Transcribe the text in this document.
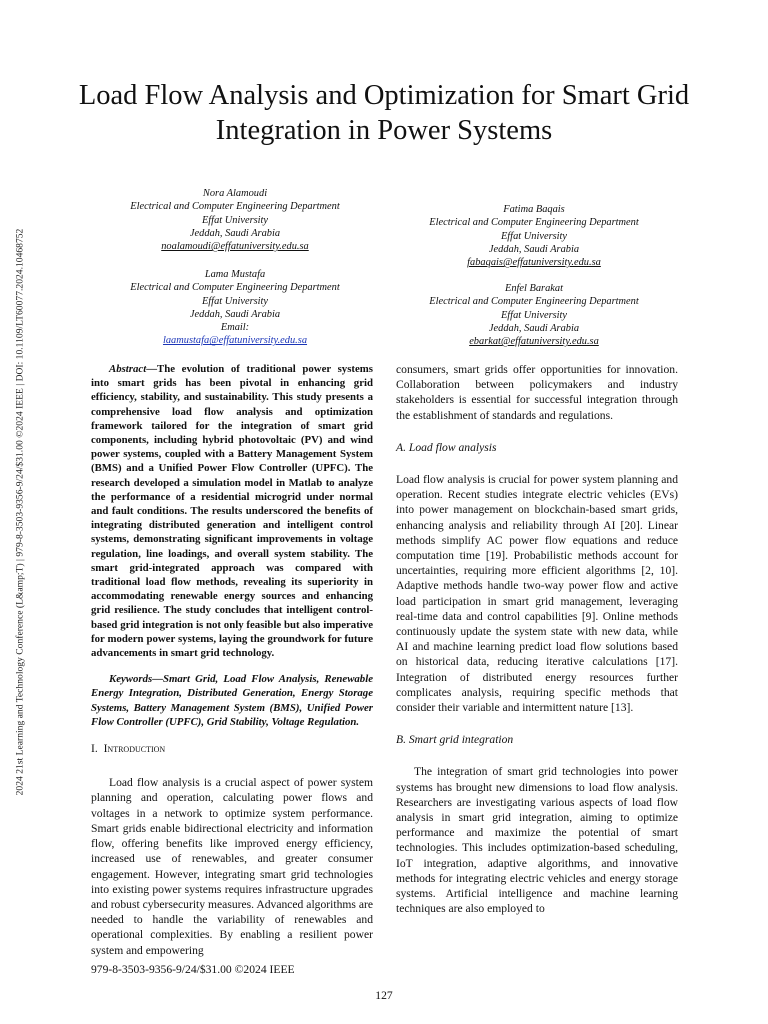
2024 21st Learning and Technology Conference (L&amp;T) | 979-8-3503-9356-9/24/$31.00 ©2024 IEEE | DOI: 10.1109/LT60077.2024.10468752
Load Flow Analysis and Optimization for Smart Grid Integration in Power Systems
Nora Alamoudi
Electrical and Computer Engineering Department
Effat University
Jeddah, Saudi Arabia
noalamoudi@effatuniversity.edu.sa
Fatima Baqais
Electrical and Computer Engineering Department
Effat University
Jeddah, Saudi Arabia
fabaqais@effatuniversity.edu.sa
Lama Mustafa
Electrical and Computer Engineering Department
Effat University
Jeddah, Saudi Arabia
Email:
laamustafa@effatuniversity.edu.sa
Enfel Barakat
Electrical and Computer Engineering Department
Effat University
Jeddah, Saudi Arabia
ebarkat@effatuniversity.edu.sa

Abstract—The evolution of traditional power systems into smart grids has been pivotal in enhancing grid efficiency, stability, and sustainability. This study presents a comprehensive load flow analysis and optimization framework tailored for the integration of smart grid components, including hybrid photovoltaic (PV) and wind power systems, coupled with a Battery Management System (BMS) and a Unified Power Flow Controller (UPFC). The research developed a simulation model in Matlab to analyze the performance of a residential microgrid under normal and fault conditions. The results underscored the benefits of integrating distributed generation and intelligent control systems, demonstrating significant improvements in voltage regulation, line loadings, and overall system stability. The smart grid-integrated approach was compared with traditional load flow methods, revealing its superiority in accommodating renewable energy sources and enhancing grid resilience. The study concludes that intelligent control-based grid integration is not only feasible but also imperative for modern power systems, laying the groundwork for future advancements in smart grid technology.

Keywords—Smart Grid, Load Flow Analysis, Renewable Energy Integration, Distributed Generation, Energy Storage Systems, Battery Management System (BMS), Unified Power Flow Controller (UPFC), Grid Stability, Voltage Regulation.

I. Introduction

Load flow analysis is a crucial aspect of power system planning and operation, calculating power flows and voltages in a network to optimize system performance. Smart grids enable bidirectional electricity and information flow, offering benefits like improved energy efficiency, increased use of renewables, and greater consumer engagement. However, integrating smart grid technologies into existing power systems requires infrastructure upgrades and robust cybersecurity measures. Advanced algorithms are needed to handle the variability of renewables and operational complexities. By enabling a resilient power system and empowering

consumers, smart grids offer opportunities for innovation. Collaboration between policymakers and industry stakeholders is essential for successful integration through the establishment of standards and regulations.

A. Load flow analysis

Load flow analysis is crucial for power system planning and operation. Recent studies integrate electric vehicles (EVs) into power management on blockchain-based smart grids, enhancing analysis and reliability through AI [20]. Linear methods simplify AC power flow equations and reduce computation time [19]. Probabilistic methods account for uncertainties, requiring more efficient algorithms [2, 10]. Adaptive methods handle two-way power flow and active load participation in smart grid management, leveraging real-time data and control capabilities [9]. Online methods continuously update the system state with new data, while AI and machine learning predict load flow solutions based on historical data, reducing iterative calculations [17]. Integration of distributed energy resources further complicates analysis, requiring specific methods that consider their variable and intermittent nature [13].

B. Smart grid integration

The integration of smart grid technologies into power systems has brought new dimensions to load flow analysis. Researchers are investigating various aspects of load flow analysis in smart grid integration, aiming to optimize performance and maximize the potential of smart technologies. This includes optimization-based scheduling, IoT integration, adaptive algorithms, and innovative methods for integrating electric vehicles and energy storage systems. Artificial intelligence and machine learning techniques are also employed to

979-8-3503-9356-9/24/$31.00 ©2024 IEEE
127
